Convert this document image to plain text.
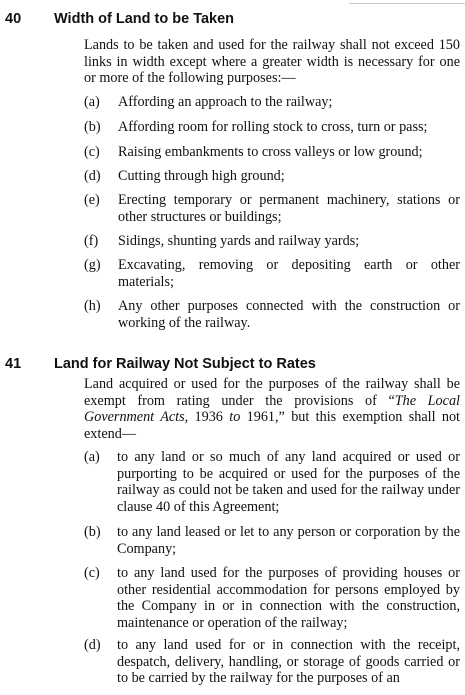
40 Width of Land to be Taken
Lands to be taken and used for the railway shall not exceed 150 links in width except where a greater width is necessary for one or more of the following purposes:—
(a)	Affording an approach to the railway;
(b)	Affording room for rolling stock to cross, turn or pass;
(c)	Raising embankments to cross valleys or low ground;
(d)	Cutting through high ground;
(e)	Erecting temporary or permanent machinery, stations or other structures or buildings;
(f)	Sidings, shunting yards and railway yards;
(g)	Excavating, removing or depositing earth or other materials;
(h)	Any other purposes connected with the construction or working of the railway.
41 Land for Railway Not Subject to Rates
Land acquired or used for the purposes of the railway shall be exempt from rating under the provisions of “The Local Government Acts, 1936 to 1961,” but this exemption shall not extend—
(a)	to any land or so much of any land acquired or used or purporting to be acquired or used for the purposes of the railway as could not be taken and used for the railway under clause 40 of this Agreement;
(b)	to any land leased or let to any person or corporation by the Company;
(c)	to any land used for the purposes of providing houses or other residential accommodation for persons employed by the Company in or in connection with the construction, maintenance or operation of the railway;
(d)	to any land used for or in connection with the receipt, despatch, delivery, handling, or storage of goods carried or to be carried by the railway for the purposes of an
